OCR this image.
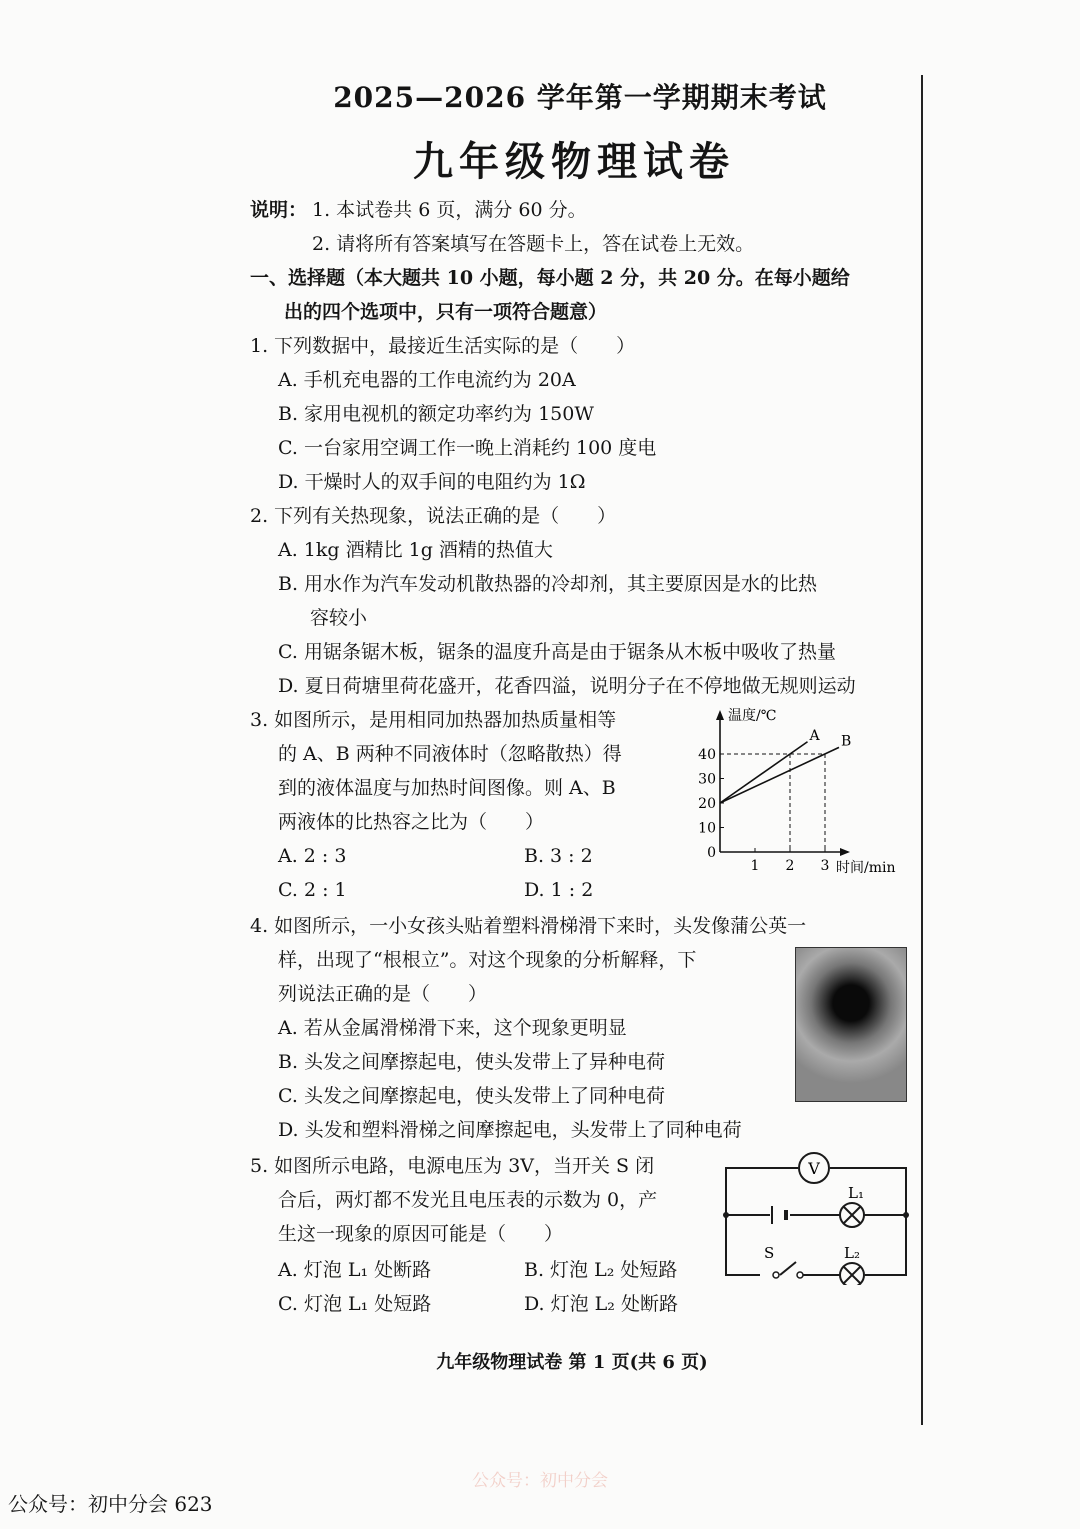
2025—2026 学年第一学期期末考试
九年级物理试卷
说明： 1. 本试卷共 6 页，满分 60 分。
2. 请将所有答案填写在答题卡上，答在试卷上无效。
一、选择题（本大题共 10 小题，每小题 2 分，共 20 分。在每小题给
出的四个选项中，只有一项符合题意）
1. 下列数据中，最接近生活实际的是（　　）
A. 手机充电器的工作电流约为 20A
B. 家用电视机的额定功率约为 150W
C. 一台家用空调工作一晚上消耗约 100 度电
D. 干燥时人的双手间的电阻约为 1Ω
2. 下列有关热现象，说法正确的是（　　）
A. 1kg 酒精比 1g 酒精的热值大
B. 用水作为汽车发动机散热器的冷却剂，其主要原因是水的比热
容较小
C. 用锯条锯木板，锯条的温度升高是由于锯条从木板中吸收了热量
D. 夏日荷塘里荷花盛开，花香四溢，说明分子在不停地做无规则运动
3. 如图所示，是用相同加热器加热质量相等
的 A、B 两种不同液体时（忽略散热）得
到的液体温度与加热时间图像。则 A、B
两液体的比热容之比为（　　）
A. 2 : 3	B. 3 : 2
C. 2 : 1	D. 1 : 2
温度/℃
时间/min
0
10
20
30
40
1 2 3
A B
4. 如图所示，一小女孩头贴着塑料滑梯滑下来时，头发像蒲公英一
样，出现了“根根立”。对这个现象的分析解释，下
列说法正确的是（　　）
A. 若从金属滑梯滑下来，这个现象更明显
B. 头发之间摩擦起电，使头发带上了异种电荷
C. 头发之间摩擦起电，使头发带上了同种电荷
D. 头发和塑料滑梯之间摩擦起电，头发带上了同种电荷
5. 如图所示电路，电源电压为 3V，当开关 S 闭
合后，两灯都不发光且电压表的示数为 0，产
生这一现象的原因可能是（　　）
A. 灯泡 L₁ 处断路	B. 灯泡 L₂ 处短路
C. 灯泡 L₁ 处短路	D. 灯泡 L₂ 处断路
V
L₁
L₂
S
九年级物理试卷 第 1 页(共 6 页)
公众号：初中分会
公众号：初中分会 623
